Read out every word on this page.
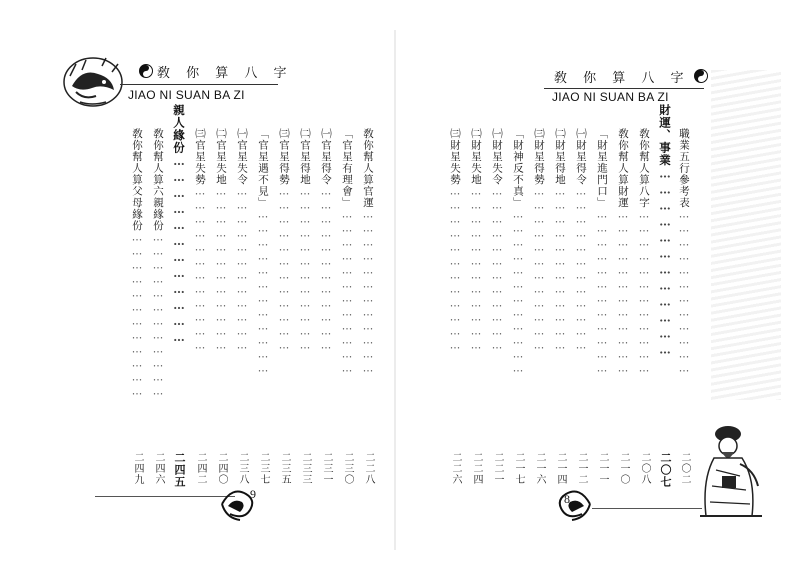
敎 你 算 八 字
JIAO NI SUAN BA ZI
敎你幫人算官運………………………………
二二八
「官星有理會」………………………………
二三〇
㈠官星得令………………………………
二三一
㈡官星得地………………………………
二三三
㈢官星得勢………………………………
二三五
「官星遇不見」………………………………
二三七
㈠官星失令………………………………
二三八
㈡官星失地………………………………
二四〇
㈢官星失勢………………………………
二四二
親人緣份………………………………
二四五
敎你幫人算六親緣份………………………………
二四六
敎你幫人算父母緣份………………………………
二四九
9
敎 你 算 八 字
JIAO NI SUAN BA ZI
職業五行參考表………………………………
二〇二
財運、事業………………………………
二〇七
敎你幫人算八字………………………………
二〇八
敎你幫人算財運………………………………
二一〇
「財星進門口」………………………………
二一一
㈠財星得令………………………………
二一二
㈡財星得地………………………………
二一四
㈢財星得勢………………………………
二一六
「財神反不真」………………………………
二一七
㈠財星失令………………………………
二二一
㈡財星失地………………………………
二二四
㈢財星失勢………………………………
二二六
8
